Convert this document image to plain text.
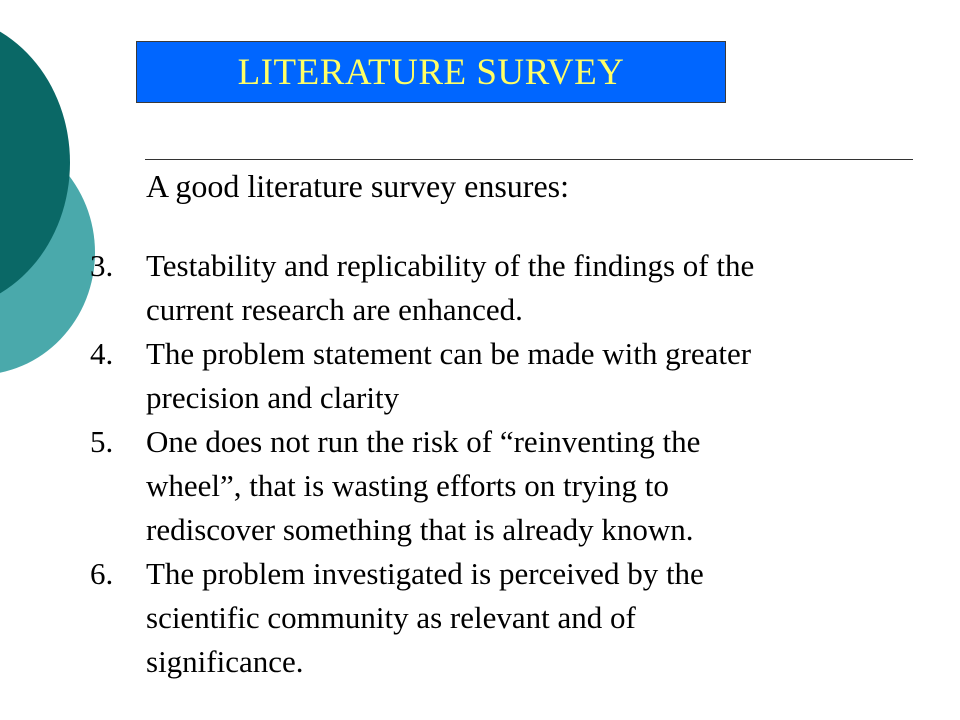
LITERATURE SURVEY
A good literature survey ensures:
3. Testability and replicability of the findings of the
current research are enhanced.
4. The problem statement can be made with greater
precision and clarity
5. One does not run the risk of “reinventing the
wheel”, that is wasting efforts on trying to
rediscover something that is already known.
6. The problem investigated is perceived by the
scientific community as relevant and of
significance.
